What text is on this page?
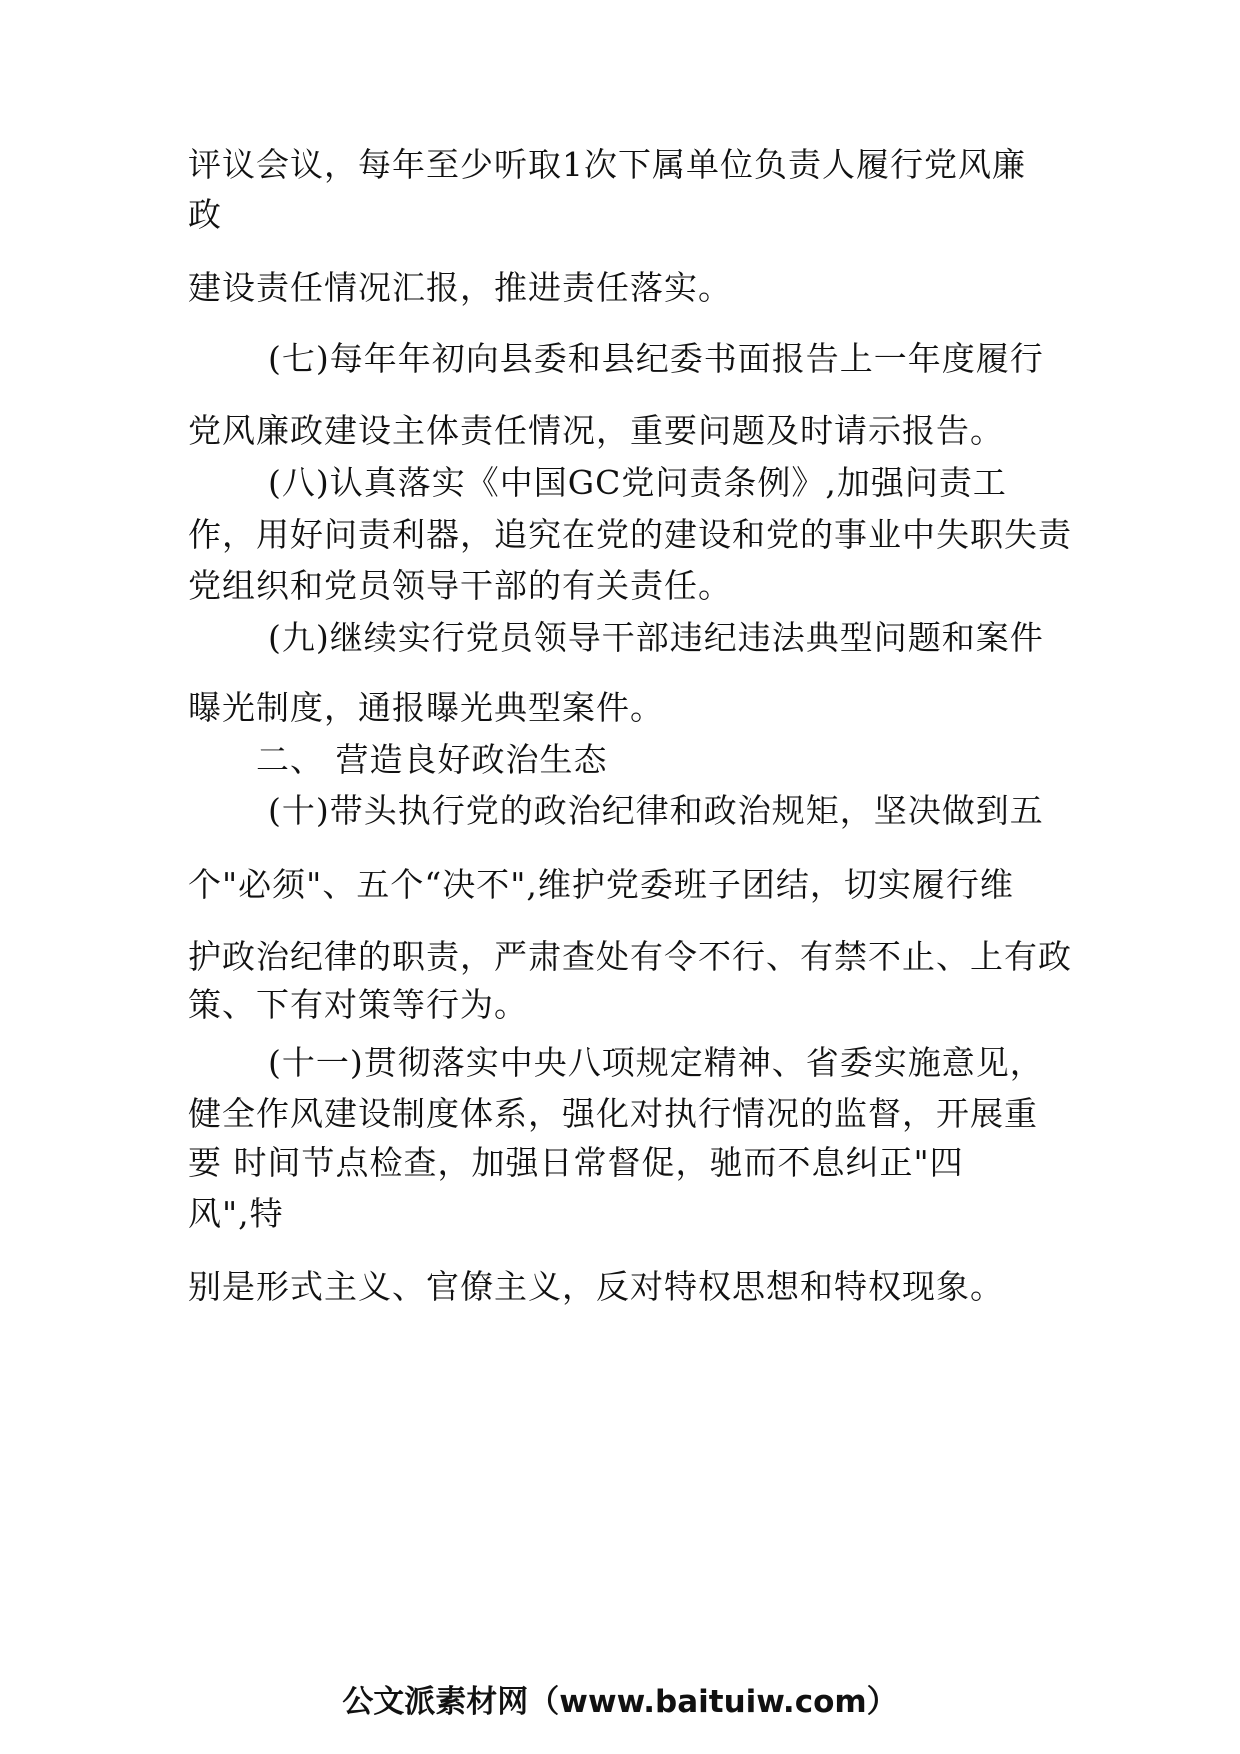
评议会议，每年至少听取1次下属单位负责人履行党风廉
政
建设责任情况汇报，推进责任落实。
(七)每年年初向县委和县纪委书面报告上一年度履行
党风廉政建设主体责任情况，重要问题及时请示报告。
(八)认真落实《中国GC党问责条例》,加强问责工
作，用好问责利器，追究在党的建设和党的事业中失职失责
党组织和党员领导干部的有关责任。
(九)继续实行党员领导干部违纪违法典型问题和案件
曝光制度，通报曝光典型案件。
二、 营造良好政治生态
(十)带头执行党的政治纪律和政治规矩，坚决做到五
个"必须"、五个“决不",维护党委班子团结，切实履行维
护政治纪律的职责，严肃查处有令不行、有禁不止、上有政
策、下有对策等行为。
(十一)贯彻落实中央八项规定精神、省委实施意见，
健全作风建设制度体系，强化对执行情况的监督，开展重
要 时间节点检查，加强日常督促，驰而不息纠正"四
风",特
别是形式主义、官僚主义，反对特权思想和特权现象。
公文派素材网（www.baituiw.com）
